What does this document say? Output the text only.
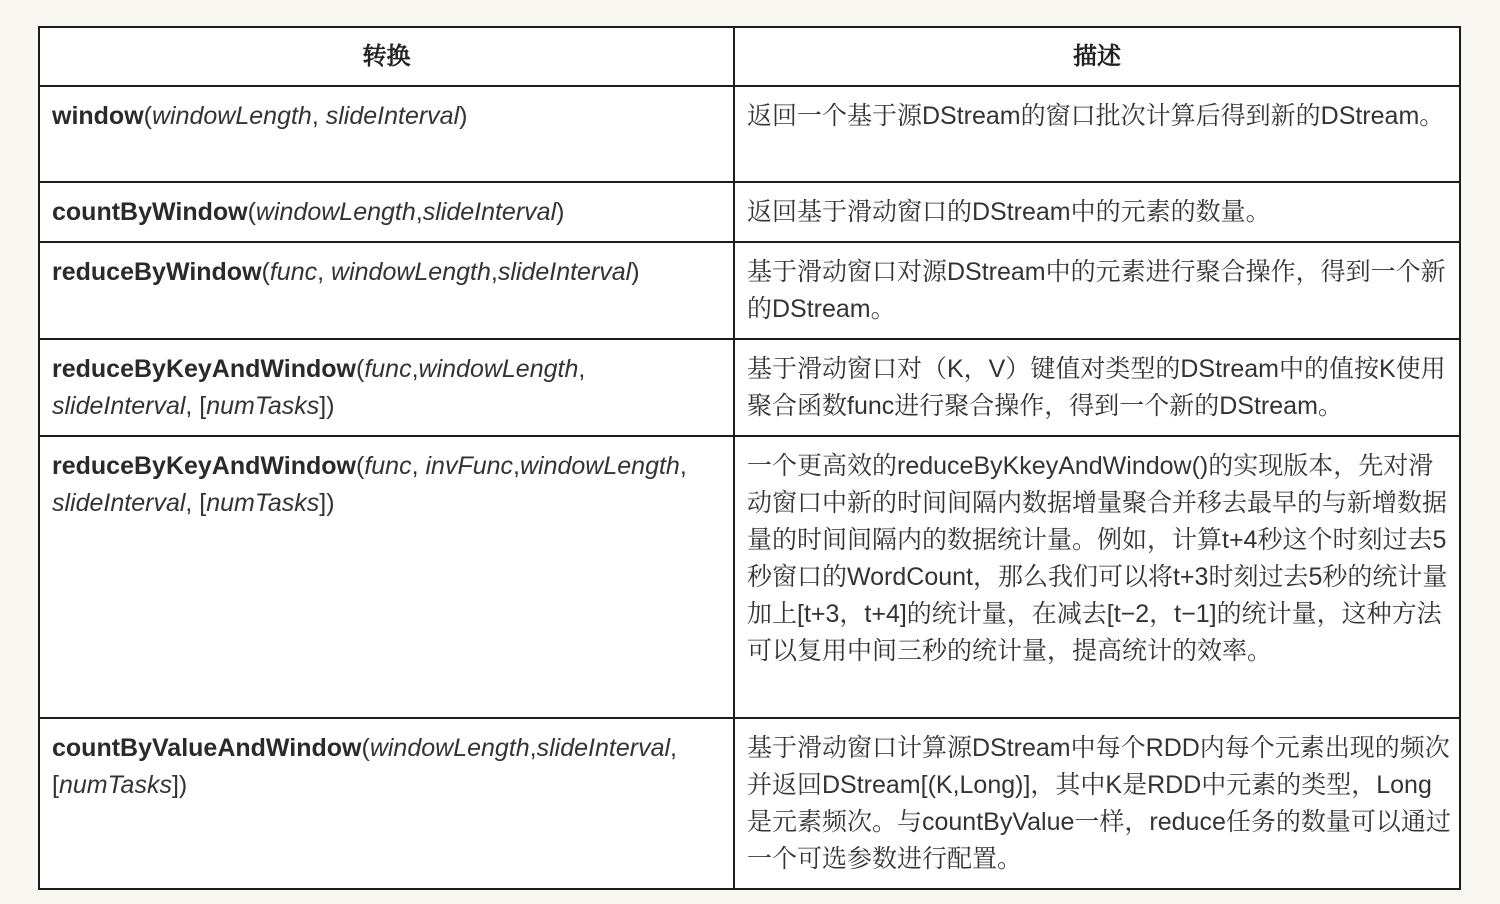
转换	描述

window(windowLength, slideInterval)	返回一个基于源DStream的窗口批次计算后得到新的DStream。

countByWindow(windowLength,slideInterval)	返回基于滑动窗口的DStream中的元素的数量。

reduceByWindow(func, windowLength,slideInterval)	基于滑动窗口对源DStream中的元素进行聚合操作，得到一个新的DStream。

reduceByKeyAndWindow(func,windowLength, slideInterval, [numTasks])	基于滑动窗口对（K，V）键值对类型的DStream中的值按K使用聚合函数func进行聚合操作，得到一个新的DStream。

reduceByKeyAndWindow(func, invFunc,windowLength, slideInterval, [numTasks])	一个更高效的reduceByKkeyAndWindow()的实现版本，先对滑动窗口中新的时间间隔内数据增量聚合并移去最早的与新增数据量的时间间隔内的数据统计量。例如，计算t+4秒这个时刻过去5秒窗口的WordCount，那么我们可以将t+3时刻过去5秒的统计量加上[t+3，t+4]的统计量，在减去[t−2，t−1]的统计量，这种方法可以复用中间三秒的统计量，提高统计的效率。

countByValueAndWindow(windowLength,slideInterval, [numTasks])	基于滑动窗口计算源DStream中每个RDD内每个元素出现的频次并返回DStream[(K,Long)]，其中K是RDD中元素的类型，Long是元素频次。与countByValue一样，reduce任务的数量可以通过一个可选参数进行配置。
